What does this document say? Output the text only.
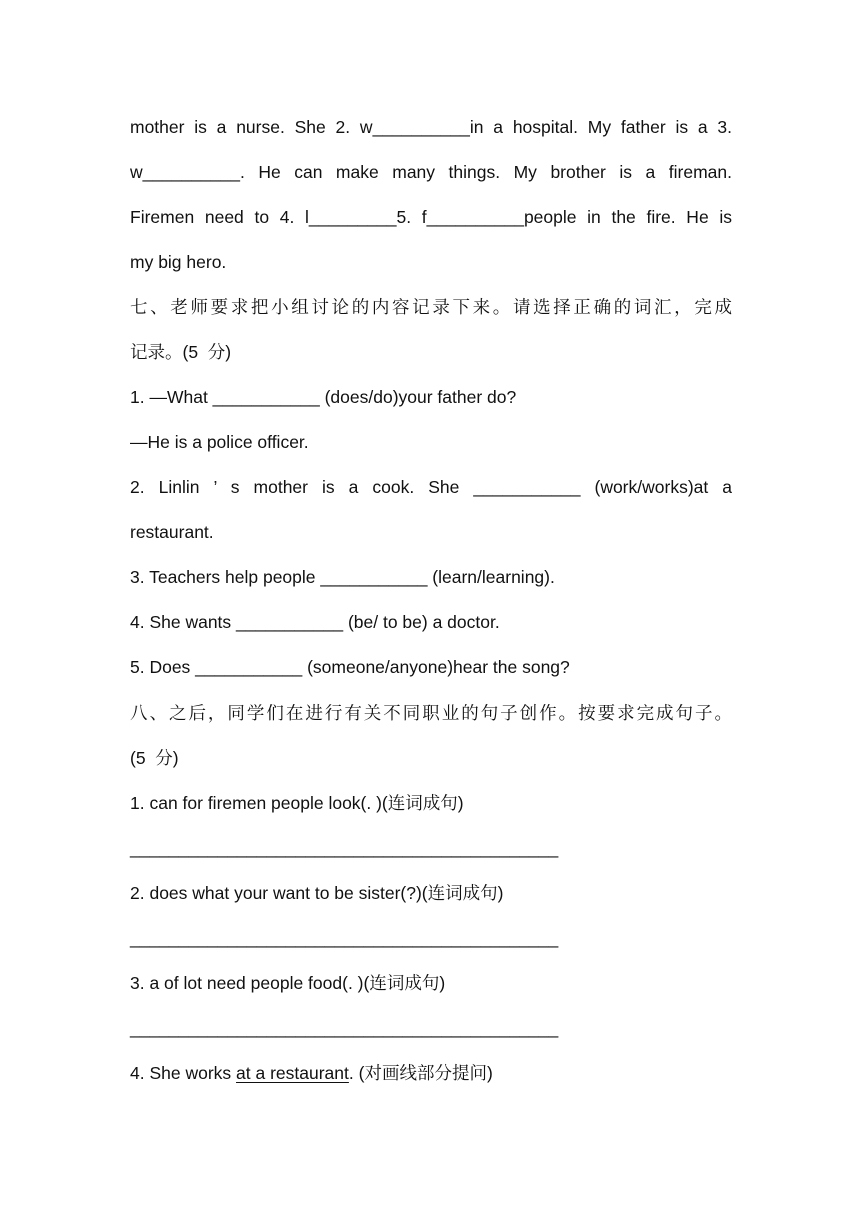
mother is a nurse. She 2. w__________in a hospital. My father is a 3.
w__________. He can make many things. My brother is a fireman.
Firemen need to 4. l_________5. f__________people in the fire. He is
my big hero.
七、老师要求把小组讨论的内容记录下来。请选择正确的词汇，完成
记录。(5  分)
1. —What ___________ (does/do)your father do?
—He is a police officer.
2. Linlin ’ s mother is a cook. She ___________ (work/works)at a
restaurant.
3. Teachers help people ___________ (learn/learning).
4. She wants ___________ (be/ to be) a doctor.
5. Does ___________ (someone/anyone)hear the song?
八、之后，同学们在进行有关不同职业的句子创作。按要求完成句子。
(5  分)
1. can for firemen people look(. )(连词成句)
____________________________________________
2. does what your want to be sister(?)(连词成句)
____________________________________________
3. a of lot need people food(. )(连词成句)
____________________________________________
4. She works at a restaurant. (对画线部分提问)
